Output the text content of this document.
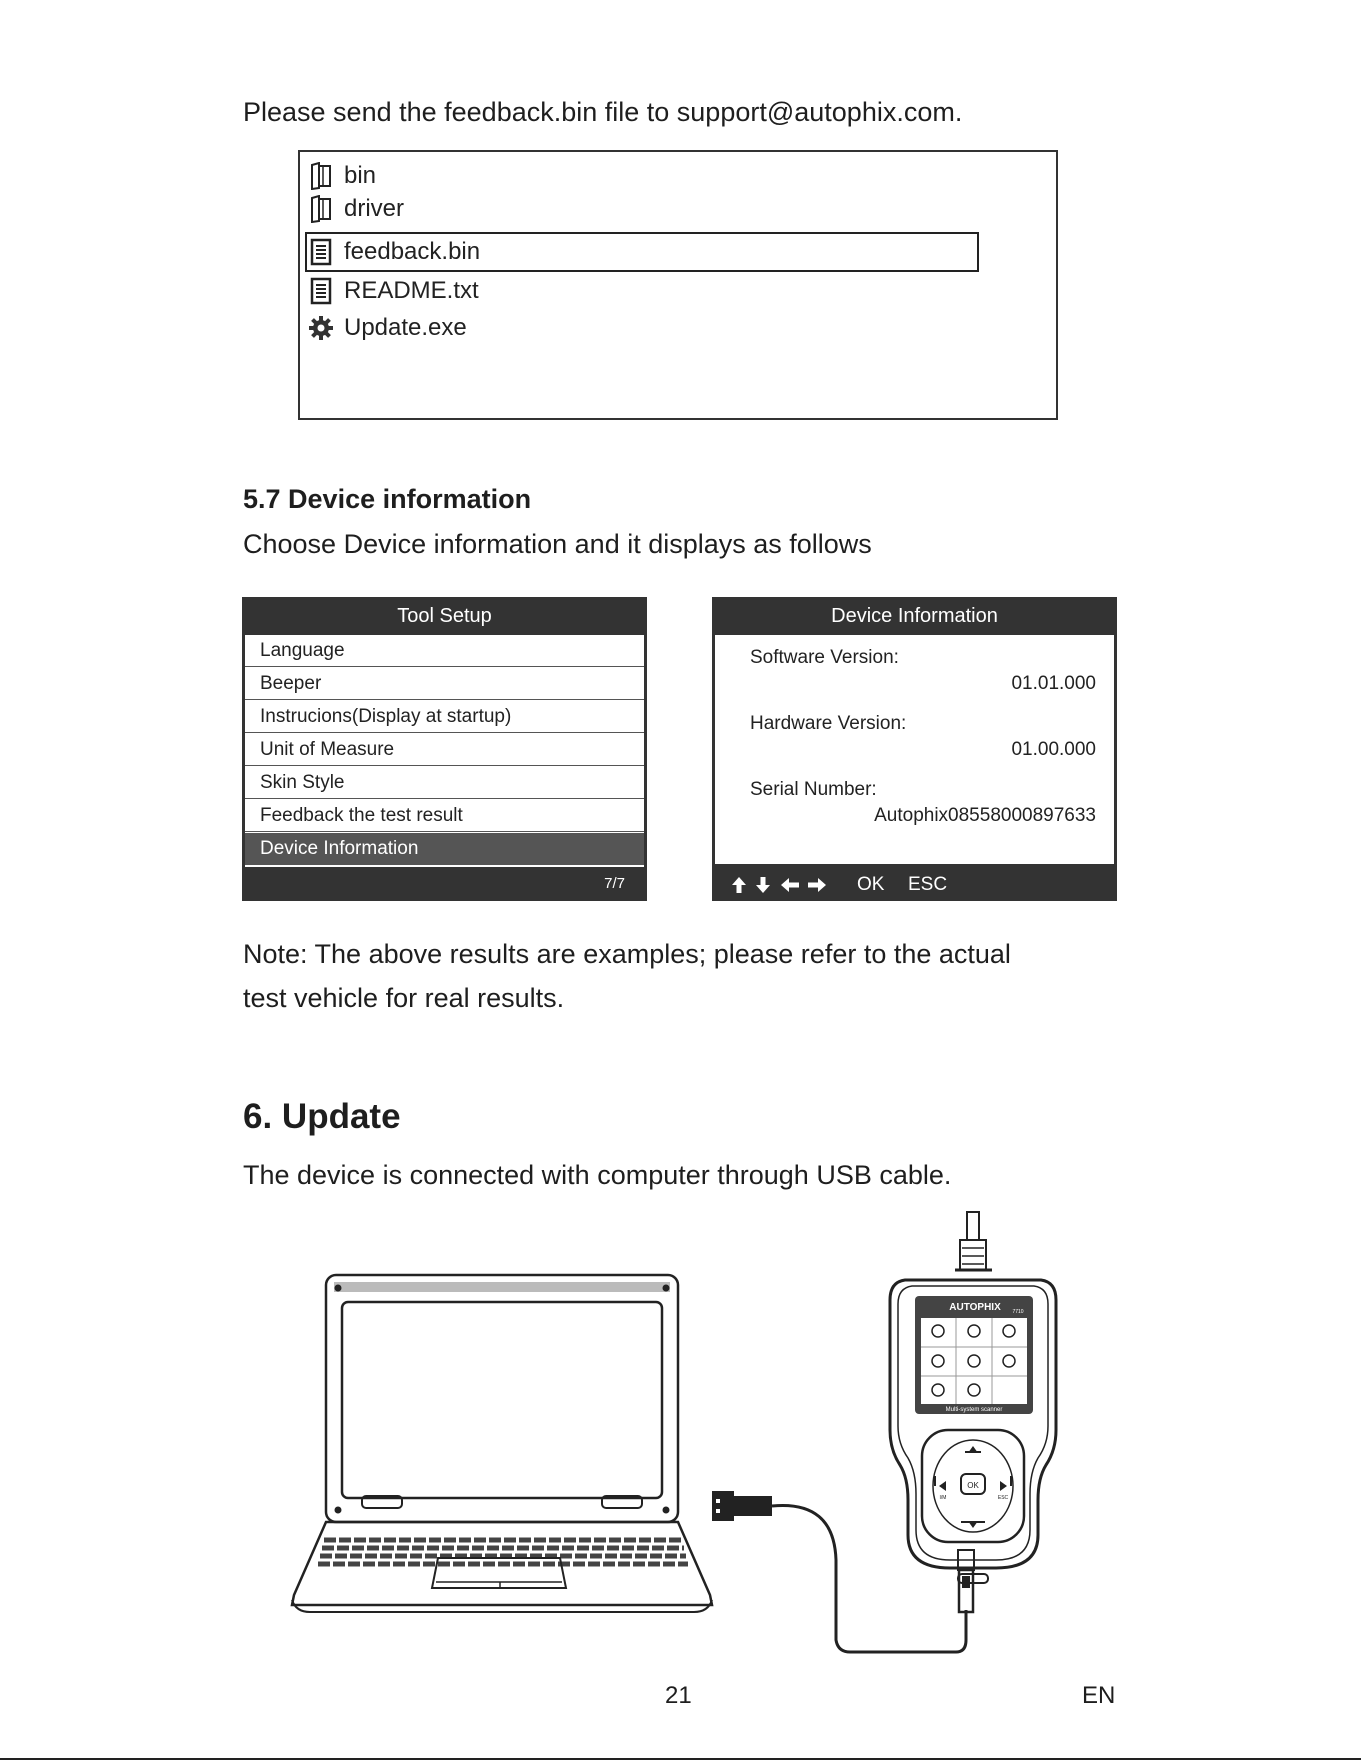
Please send the feedback.bin file to support@autophix.com.
bin
driver
feedback.bin
README.txt
Update.exe
5.7 Device information
Choose Device information and it displays as follows
Tool Setup
Language
Beeper
Instrucions(Display at startup)
Unit of Measure
Skin Style
Feedback the test result
Device Information
7/7
Device Information
Software Version:
01.01.000
Hardware Version:
01.00.000
Serial Number:
Autophix08558000897633
OK ESC
Note: The above results are examples; please refer to the actual
test vehicle for real results.
6. Update
The device is connected with computer through USB cable.
AUTOPHIX 7710
Multi-system scanner
OK
ESC
I/M
21	EN
